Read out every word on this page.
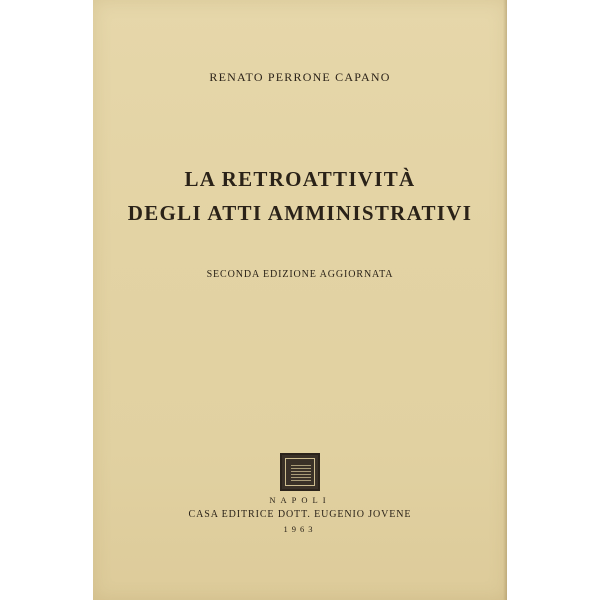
RENATO PERRONE CAPANO
LA RETROATTIVITÀ
DEGLI ATTI AMMINISTRATIVI
SECONDA EDIZIONE AGGIORNATA
NAPOLI
CASA EDITRICE DOTT. EUGENIO JOVENE
1963
